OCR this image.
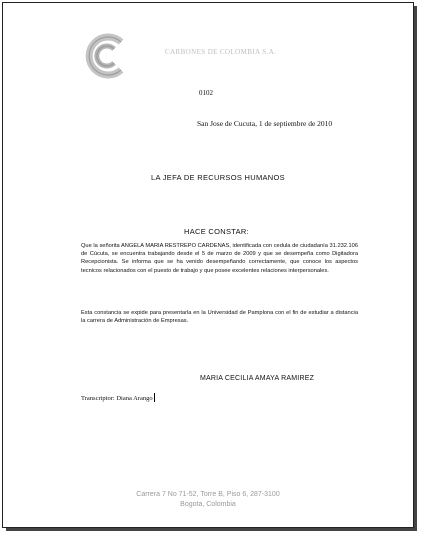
CARBONES DE COLOMBIA S.A.
0102
San Jose de Cucuta, 1 de septiembre de 2010
LA JEFA DE RECURSOS HUMANOS
HACE CONSTAR:
Que la señorita ANGELA MARIA RESTREPO CARDENAS, identificada con cedula de ciudadanía 31.232.106 de Cúcuta, se encuentra trabajando desde el 5 de marzo de 2009 y que se desempeña como Digitadora Recepcionista. Se informa que se ha venido desempeñando correctamente, que conoce los aspectos tecnicos relacionados con el puesto de trabajo y que posee excelentes relaciones interpersonales.
Esta constancia se expide para presentarla en la Universidad de Pamplona con el fin de estudiar a distancia la carrera de Administración de Empresas.
MARIA CECILIA AMAYA RAMIREZ
Transcriptor: Diana Arango
Carrera 7 No 71-52, Torre B, Piso 6, 287-3100
Bogota, Colombia
